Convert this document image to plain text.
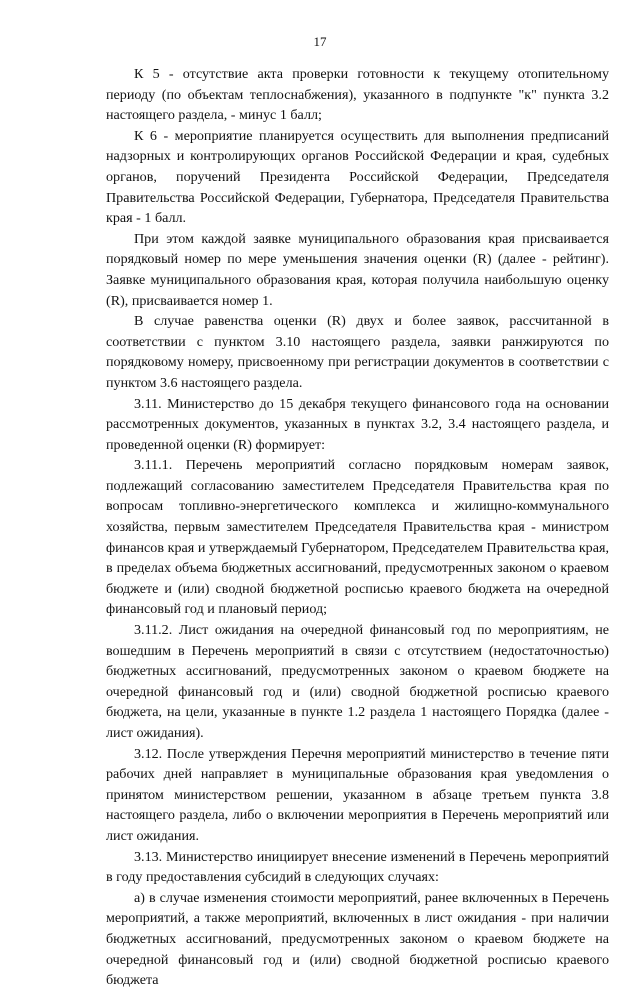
17

К 5 - отсутствие акта проверки готовности к текущему отопительному периоду (по объектам теплоснабжения), указанного в подпункте "к" пункта 3.2 настоящего раздела, - минус 1 балл;

К 6 - мероприятие планируется осуществить для выполнения предписаний надзорных и контролирующих органов Российской Федерации и края, судебных органов, поручений Президента Российской Федерации, Председателя Правительства Российской Федерации, Губернатора, Председателя Правительства края - 1 балл.

При этом каждой заявке муниципального образования края присваивается порядковый номер по мере уменьшения значения оценки (R) (далее - рейтинг). Заявке муниципального образования края, которая получила наибольшую оценку (R), присваивается номер 1.

В случае равенства оценки (R) двух и более заявок, рассчитанной в соответствии с пунктом 3.10 настоящего раздела, заявки ранжируются по порядковому номеру, присвоенному при регистрации документов в соответствии с пунктом 3.6 настоящего раздела.

3.11. Министерство до 15 декабря текущего финансового года на основании рассмотренных документов, указанных в пунктах 3.2, 3.4 настоящего раздела, и проведенной оценки (R) формирует:

3.11.1. Перечень мероприятий согласно порядковым номерам заявок, подлежащий согласованию заместителем Председателя Правительства края по вопросам топливно-энергетического комплекса и жилищно-коммунального хозяйства, первым заместителем Председателя Правительства края - министром финансов края и утверждаемый Губернатором, Председателем Правительства края, в пределах объема бюджетных ассигнований, предусмотренных законом о краевом бюджете и (или) сводной бюджетной росписью краевого бюджета на очередной финансовый год и плановый период;

3.11.2. Лист ожидания на очередной финансовый год по мероприятиям, не вошедшим в Перечень мероприятий в связи с отсутствием (недостаточностью) бюджетных ассигнований, предусмотренных законом о краевом бюджете на очередной финансовый год и (или) сводной бюджетной росписью краевого бюджета, на цели, указанные в пункте 1.2 раздела 1 настоящего Порядка (далее - лист ожидания).

3.12. После утверждения Перечня мероприятий министерство в течение пяти рабочих дней направляет в муниципальные образования края уведомления о принятом министерством решении, указанном в абзаце третьем пункта 3.8 настоящего раздела, либо о включении мероприятия в Перечень мероприятий или лист ожидания.

3.13. Министерство инициирует внесение изменений в Перечень мероприятий в году предоставления субсидий в следующих случаях:

а) в случае изменения стоимости мероприятий, ранее включенных в Перечень мероприятий, а также мероприятий, включенных в лист ожидания - при наличии бюджетных ассигнований, предусмотренных законом о краевом бюджете на очередной финансовый год и (или) сводной бюджетной росписью краевого бюджета
